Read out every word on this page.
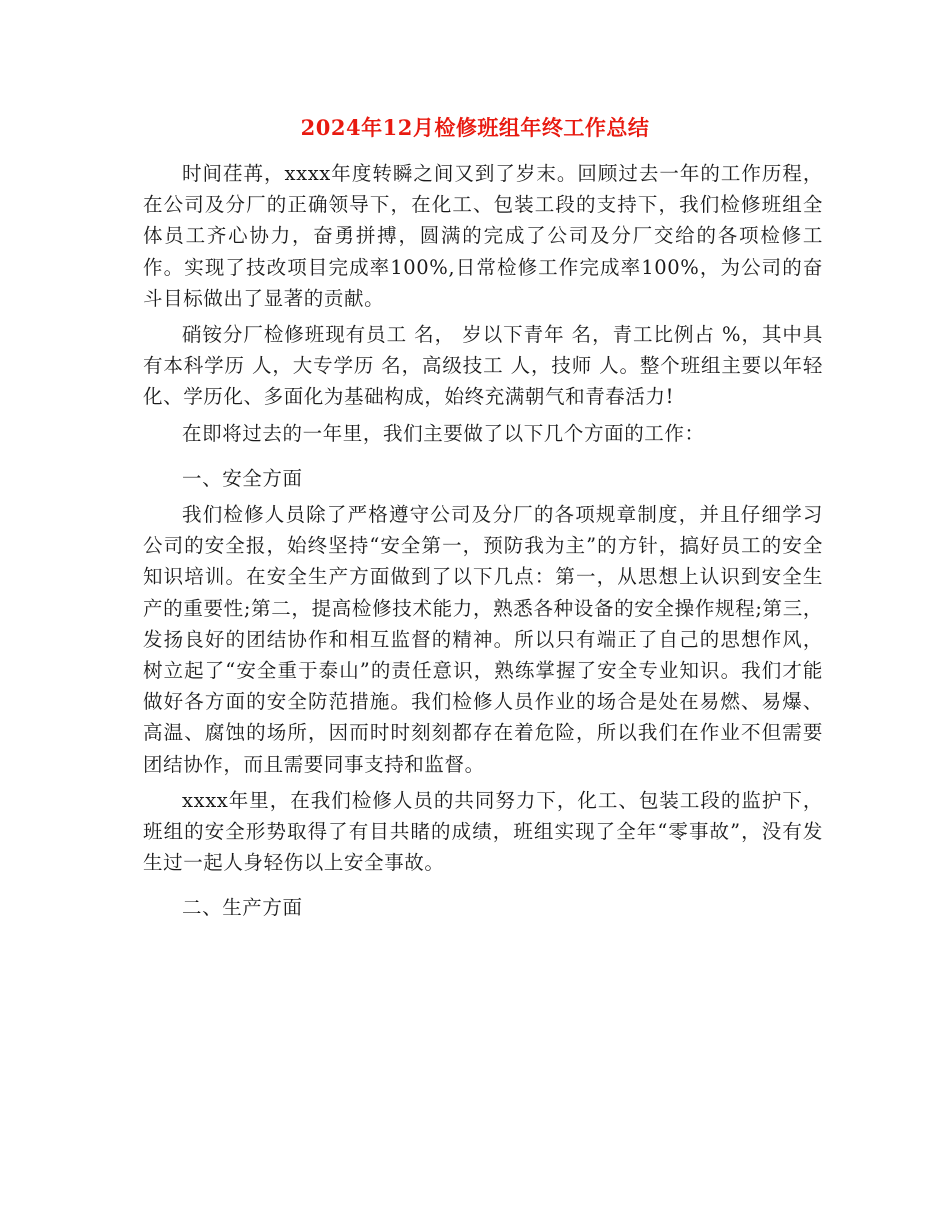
2024年12月检修班组年终工作总结

时间荏苒，xxxx年度转瞬之间又到了岁末。回顾过去一年的工作历程，在公司及分厂的正确领导下，在化工、包装工段的支持下，我们检修班组全体员工齐心协力，奋勇拼搏，圆满的完成了公司及分厂交给的各项检修工作。实现了技改项目完成率100%,日常检修工作完成率100%，为公司的奋斗目标做出了显著的贡献。

硝铵分厂检修班现有员工 名， 岁以下青年 名，青工比例占 %，其中具有本科学历 人，大专学历 名，高级技工 人，技师 人。整个班组主要以年轻化、学历化、多面化为基础构成，始终充满朝气和青春活力!

在即将过去的一年里，我们主要做了以下几个方面的工作：

一、安全方面

我们检修人员除了严格遵守公司及分厂的各项规章制度，并且仔细学习公司的安全报，始终坚持“安全第一，预防我为主”的方针，搞好员工的安全知识培训。在安全生产方面做到了以下几点：第一，从思想上认识到安全生产的重要性;第二，提高检修技术能力，熟悉各种设备的安全操作规程;第三，发扬良好的团结协作和相互监督的精神。所以只有端正了自己的思想作风，树立起了“安全重于泰山”的责任意识，熟练掌握了安全专业知识。我们才能做好各方面的安全防范措施。我们检修人员作业的场合是处在易燃、易爆、高温、腐蚀的场所，因而时时刻刻都存在着危险，所以我们在作业不但需要团结协作，而且需要同事支持和监督。

xxxx年里，在我们检修人员的共同努力下，化工、包装工段的监护下， 班组的安全形势取得了有目共睹的成绩，班组实现了全年“零事故”，没有发生过一起人身轻伤以上安全事故。

二、生产方面
